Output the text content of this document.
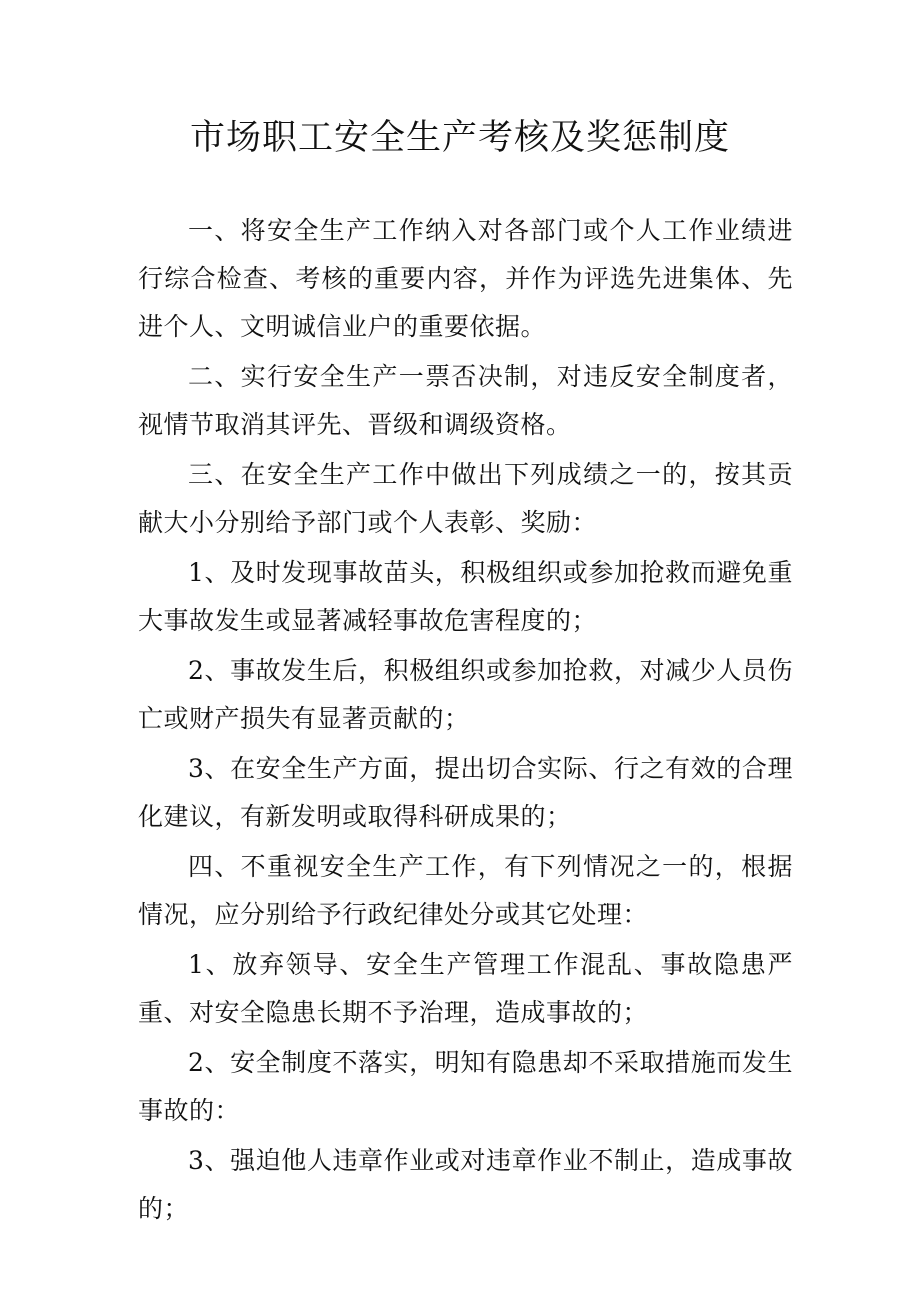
市场职工安全生产考核及奖惩制度

一、将安全生产工作纳入对各部门或个人工作业绩进行综合检查、考核的重要内容，并作为评选先进集体、先进个人、文明诚信业户的重要依据。

二、实行安全生产一票否决制，对违反安全制度者，视情节取消其评先、晋级和调级资格。

三、在安全生产工作中做出下列成绩之一的，按其贡献大小分别给予部门或个人表彰、奖励：

1、及时发现事故苗头，积极组织或参加抢救而避免重大事故发生或显著减轻事故危害程度的；

2、事故发生后，积极组织或参加抢救，对减少人员伤亡或财产损失有显著贡献的；

3、在安全生产方面，提出切合实际、行之有效的合理化建议，有新发明或取得科研成果的；

四、不重视安全生产工作，有下列情况之一的，根据情况，应分别给予行政纪律处分或其它处理：

1、放弃领导、安全生产管理工作混乱、事故隐患严重、对安全隐患长期不予治理，造成事故的；

2、安全制度不落实，明知有隐患却不采取措施而发生事故的：

3、强迫他人违章作业或对违章作业不制止，造成事故的；
